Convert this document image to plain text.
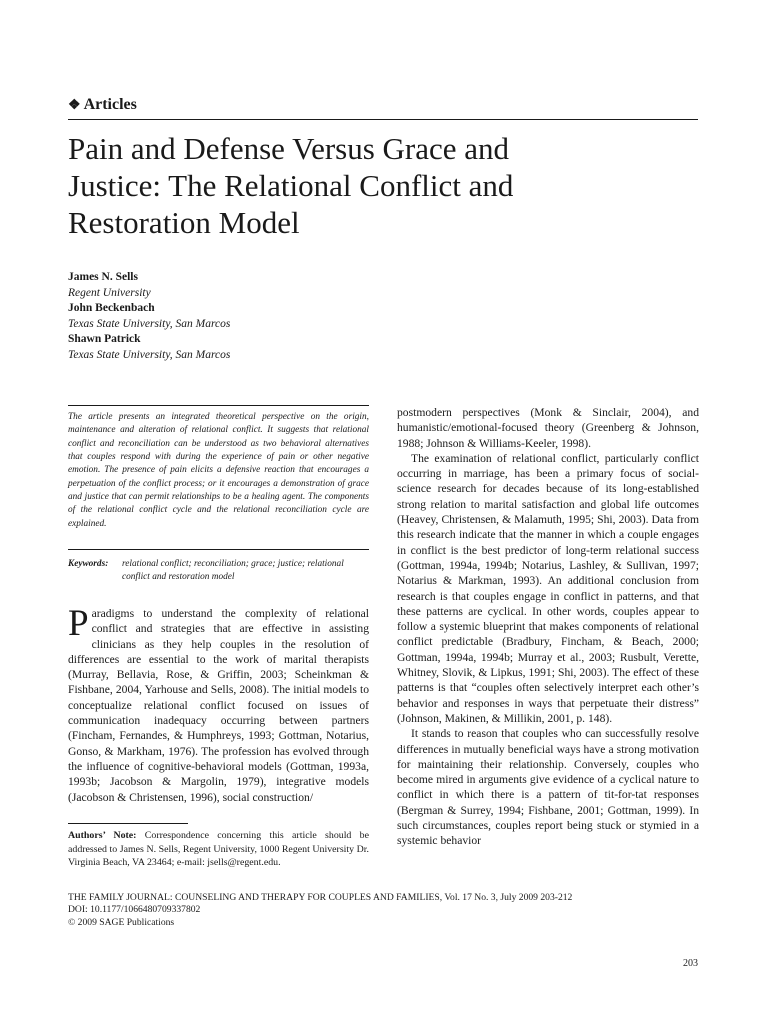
❖ Articles
Pain and Defense Versus Grace and
Justice: The Relational Conflict and
Restoration Model
James N. Sells
Regent University
John Beckenbach
Texas State University, San Marcos
Shawn Patrick
Texas State University, San Marcos

The article presents an integrated theoretical perspective on the origin, maintenance and alteration of relational conflict. It suggests that relational conflict and reconciliation can be understood as two behavioral alternatives that couples respond with during the experience of pain or other negative emotion. The presence of pain elicits a defensive reaction that encourages a perpetuation of the conflict process; or it encourages a demonstration of grace and justice that can permit relationships to be a healing agent. The components of the relational conflict cycle and the relational reconciliation cycle are explained.

Keywords:	relational conflict; reconciliation; grace; justice; relational conflict and restoration model

Paradigms to understand the complexity of relational conflict and strategies that are effective in assisting clinicians as they help couples in the resolution of differences are essential to the work of marital therapists (Murray, Bellavia, Rose, & Griffin, 2003; Scheinkman & Fishbane, 2004, Yarhouse and Sells, 2008). The initial models to conceptualize relational conflict focused on issues of communication inadequacy occurring between partners (Fincham, Fernandes, & Humphreys, 1993; Gottman, Notarius, Gonso, & Markham, 1976). The profession has evolved through the influence of cognitive-behavioral models (Gottman, 1993a, 1993b; Jacobson & Margolin, 1979), integrative models (Jacobson & Christensen, 1996), social construction/

Authors’ Note: Correspondence concerning this article should be addressed to James N. Sells, Regent University, 1000 Regent University Dr. Virginia Beach, VA 23464; e-mail: jsells@regent.edu.

postmodern perspectives (Monk & Sinclair, 2004), and humanistic/emotional-focused theory (Greenberg & Johnson, 1988; Johnson & Williams-Keeler, 1998).

The examination of relational conflict, particularly conflict occurring in marriage, has been a primary focus of social-science research for decades because of its long-established strong relation to marital satisfaction and global life outcomes (Heavey, Christensen, & Malamuth, 1995; Shi, 2003). Data from this research indicate that the manner in which a couple engages in conflict is the best predictor of long-term relational success (Gottman, 1994a, 1994b; Notarius, Lashley, & Sullivan, 1997; Notarius & Markman, 1993). An additional conclusion from research is that couples engage in conflict in patterns, and that these patterns are cyclical. In other words, couples appear to follow a systemic blueprint that makes components of relational conflict predictable (Bradbury, Fincham, & Beach, 2000; Gottman, 1994a, 1994b; Murray et al., 2003; Rusbult, Verette, Whitney, Slovik, & Lipkus, 1991; Shi, 2003). The effect of these patterns is that “couples often selectively interpret each other’s behavior and responses in ways that perpetuate their distress” (Johnson, Makinen, & Millikin, 2001, p. 148).

It stands to reason that couples who can successfully resolve differences in mutually beneficial ways have a strong motivation for maintaining their relationship. Conversely, couples who become mired in arguments give evidence of a cyclical nature to conflict in which there is a pattern of tit-for-tat responses (Bergman & Surrey, 1994; Fishbane, 2001; Gottman, 1999). In such circumstances, couples report being stuck or stymied in a systemic behavior

THE FAMILY JOURNAL: COUNSELING AND THERAPY FOR COUPLES AND FAMILIES, Vol. 17 No. 3, July 2009 203-212
DOI: 10.1177/1066480709337802
© 2009 SAGE Publications
203
